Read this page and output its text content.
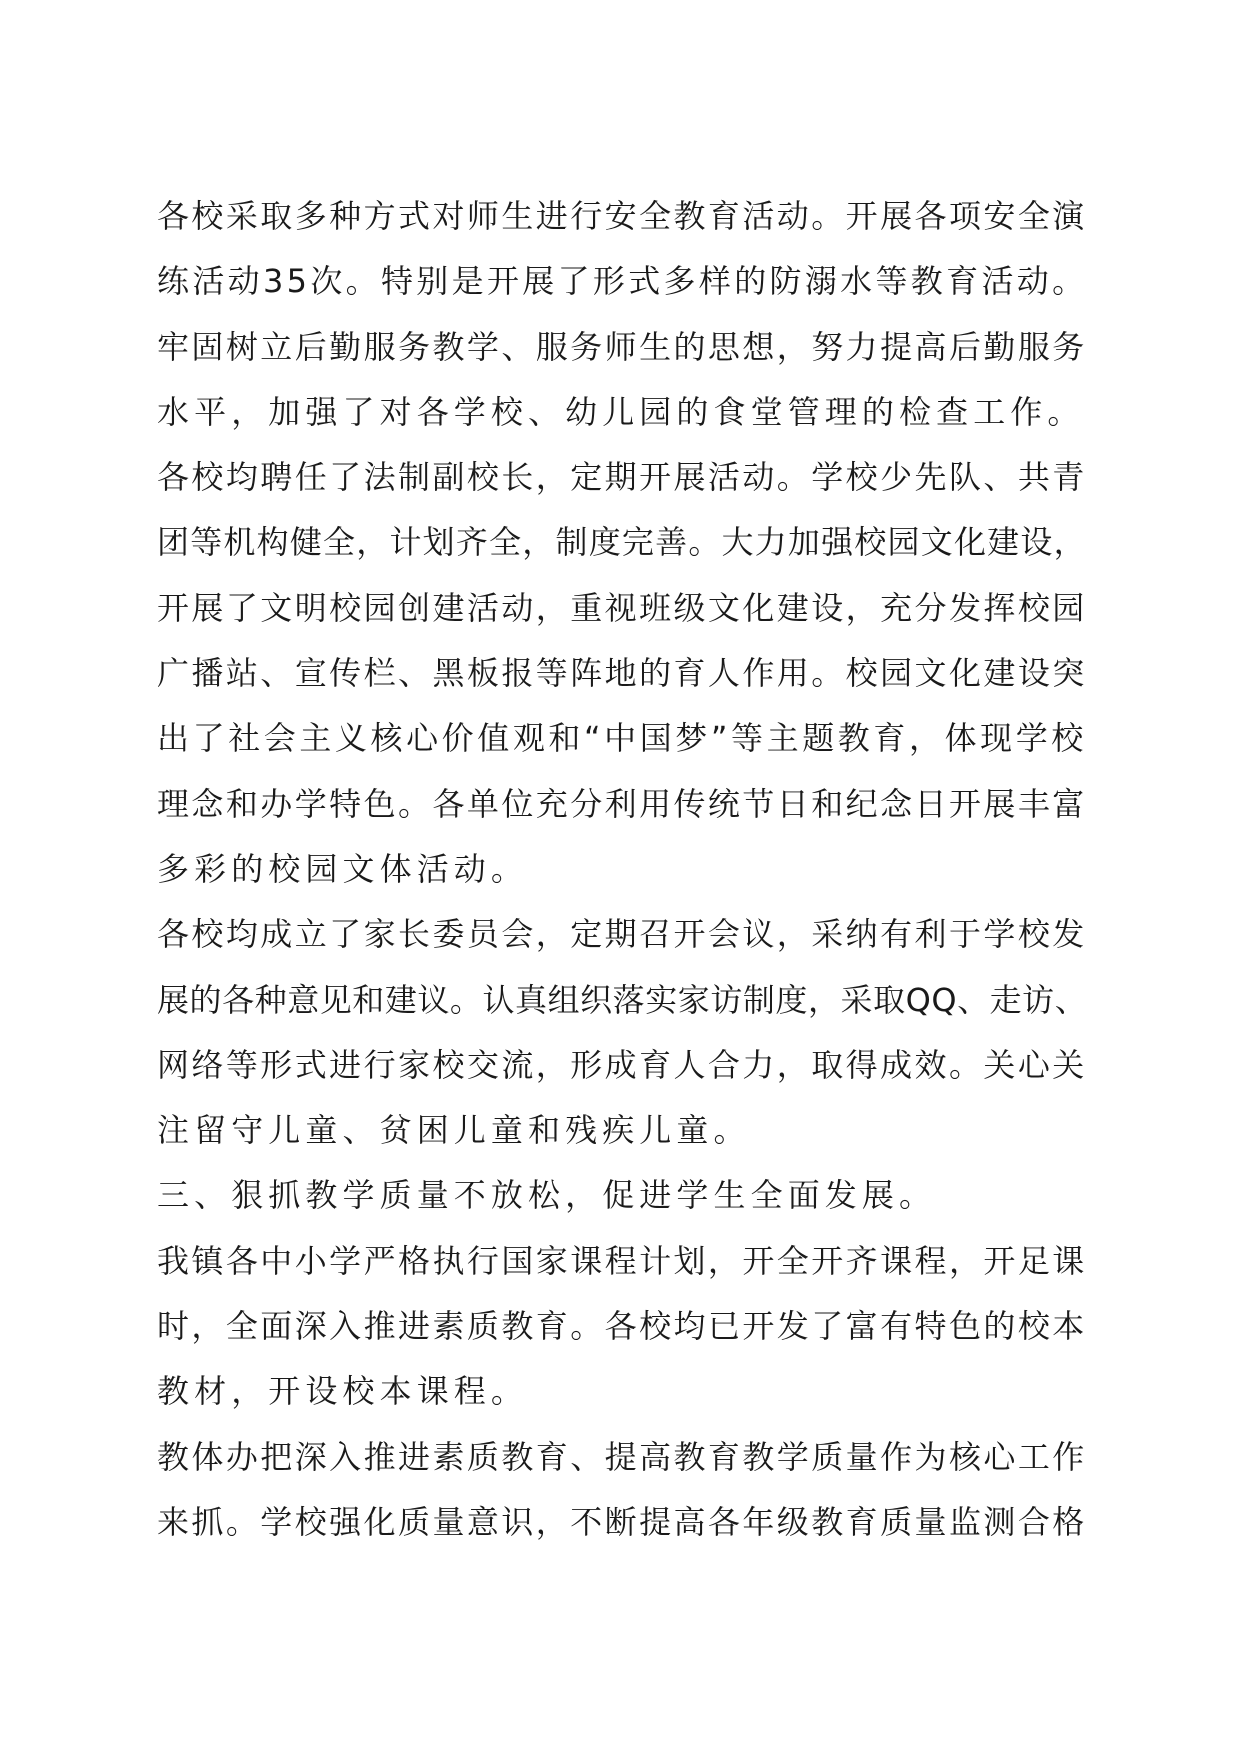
各校采取多种方式对师生进行安全教育活动。开展各项安全演
练活动35次。特别是开展了形式多样的防溺水等教育活动。
牢固树立后勤服务教学、服务师生的思想，努力提高后勤服务
水平，加强了对各学校、幼儿园的食堂管理的检查工作。
各校均聘任了法制副校长，定期开展活动。学校少先队、共青
团等机构健全，计划齐全，制度完善。大力加强校园文化建设，
开展了文明校园创建活动，重视班级文化建设，充分发挥校园
广播站、宣传栏、黑板报等阵地的育人作用。校园文化建设突
出了社会主义核心价值观和“中国梦”等主题教育，体现学校
理念和办学特色。各单位充分利用传统节日和纪念日开展丰富
多彩的校园文体活动。
各校均成立了家长委员会，定期召开会议，采纳有利于学校发
展的各种意见和建议。认真组织落实家访制度，采取QQ、走访、
网络等形式进行家校交流，形成育人合力，取得成效。关心关
注留守儿童、贫困儿童和残疾儿童。
三、狠抓教学质量不放松，促进学生全面发展。
我镇各中小学严格执行国家课程计划，开全开齐课程，开足课
时，全面深入推进素质教育。各校均已开发了富有特色的校本
教材，开设校本课程。
教体办把深入推进素质教育、提高教育教学质量作为核心工作
来抓。学校强化质量意识，不断提高各年级教育质量监测合格
